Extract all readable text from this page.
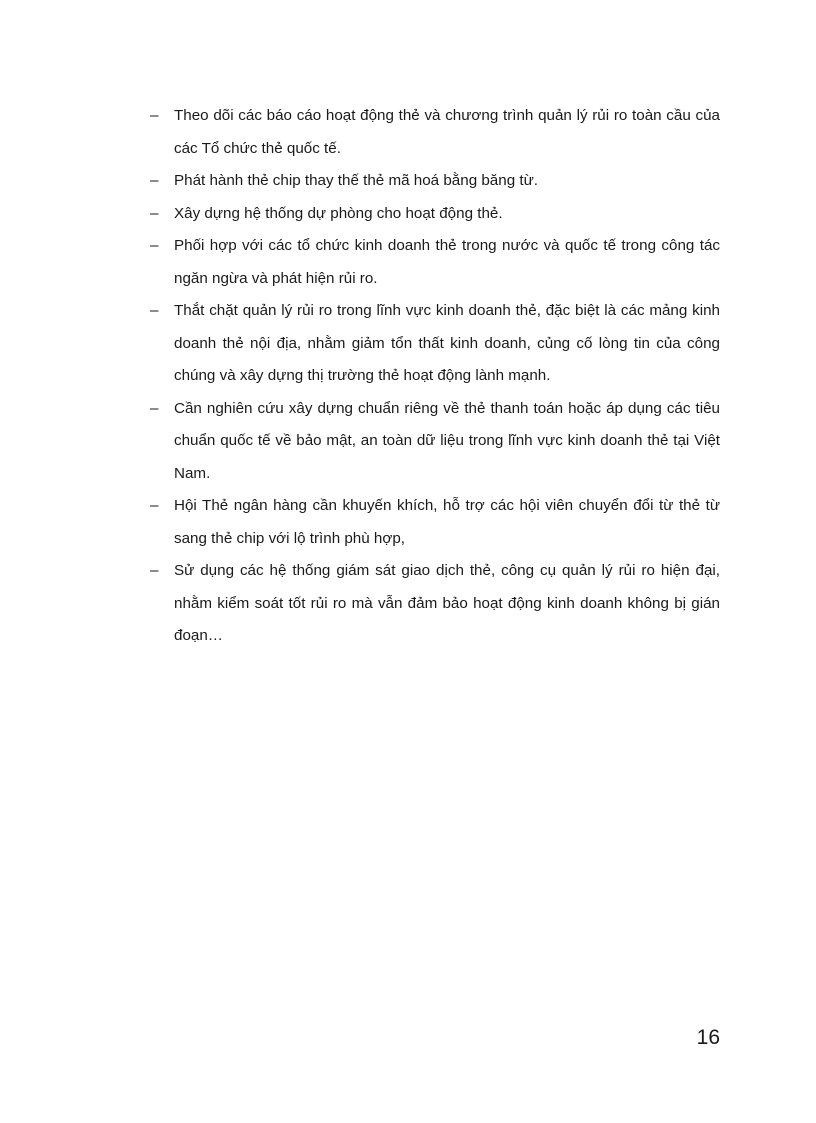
–	Theo dõi các báo cáo hoạt động thẻ và chương trình quản lý rủi ro toàn cầu của các Tổ chức thẻ quốc tế.
–	Phát hành thẻ chip thay thế thẻ mã hoá bằng băng từ.
–	Xây dựng hệ thống dự phòng cho hoạt động thẻ.
–	Phối hợp với các tổ chức kinh doanh thẻ trong nước và quốc tế trong công tác ngăn ngừa và phát hiện rủi ro.
–	Thắt chặt quản lý rủi ro trong lĩnh vực kinh doanh thẻ, đặc biệt là các mảng kinh doanh thẻ nội địa, nhằm giảm tổn thất kinh doanh, củng cố lòng tin của công chúng và xây dựng thị trường thẻ hoạt động lành mạnh.
–	Cần nghiên cứu xây dựng chuẩn riêng về thẻ thanh toán hoặc áp dụng các tiêu chuẩn quốc tế về bảo mật, an toàn dữ liệu trong lĩnh vực kinh doanh thẻ tại Việt Nam.
–	Hội Thẻ ngân hàng cần khuyến khích, hỗ trợ các hội viên chuyển đổi từ thẻ từ sang thẻ chip với lộ trình phù hợp,
–	Sử dụng các hệ thống giám sát giao dịch thẻ, công cụ quản lý rủi ro hiện đại, nhằm kiểm soát tốt rủi ro mà vẫn đảm bảo hoạt động kinh doanh không bị gián đoạn…
16
